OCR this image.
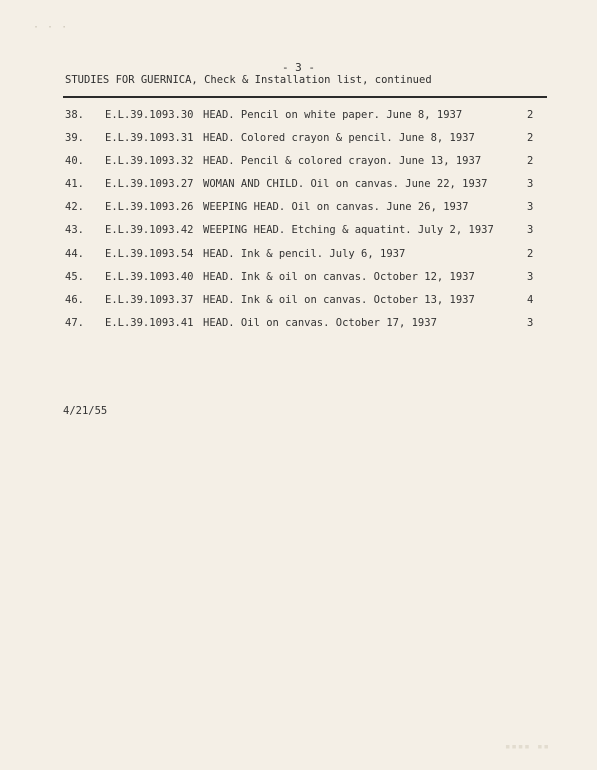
· · ·
- 3 -
STUDIES FOR GUERNICA, Check & Installation list, continued
38. E.L.39.1093.30 HEAD. Pencil on white paper. June 8, 1937	2
39. E.L.39.1093.31 HEAD. Colored crayon & pencil. June 8, 1937	2
40. E.L.39.1093.32 HEAD. Pencil & colored crayon. June 13, 1937	2
41. E.L.39.1093.27 WOMAN AND CHILD. Oil on canvas. June 22, 1937	3
42. E.L.39.1093.26 WEEPING HEAD. Oil on canvas. June 26, 1937	3
43. E.L.39.1093.42 WEEPING HEAD. Etching & aquatint. July 2, 1937	3
44. E.L.39.1093.54 HEAD. Ink & pencil. July 6, 1937	2
45. E.L.39.1093.40 HEAD. Ink & oil on canvas. October 12, 1937	3
46. E.L.39.1093.37 HEAD. Ink & oil on canvas. October 13, 1937	4
47. E.L.39.1093.41 HEAD. Oil on canvas. October 17, 1937	3
4/21/55
▪▪▪▪ ▪▪
